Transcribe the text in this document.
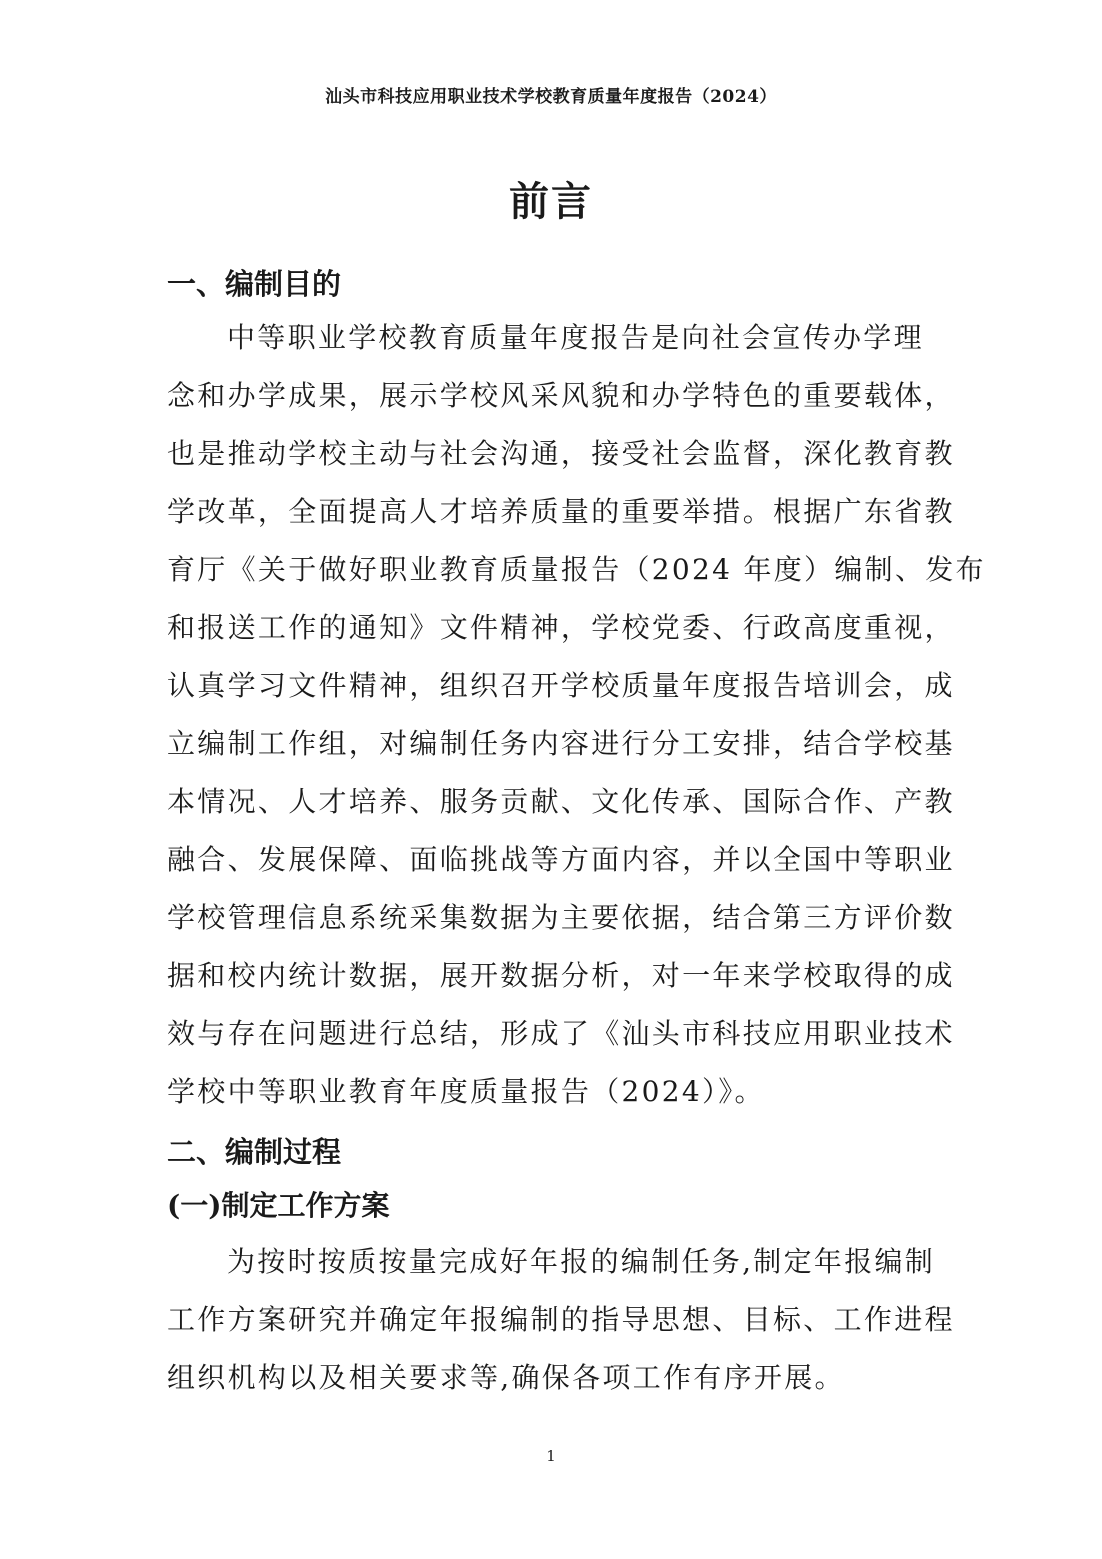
汕头市科技应用职业技术学校教育质量年度报告（2024）
前言
一、编制目的
中等职业学校教育质量年度报告是向社会宣传办学理
念和办学成果，展示学校风采风貌和办学特色的重要载体，
也是推动学校主动与社会沟通，接受社会监督，深化教育教
学改革，全面提高人才培养质量的重要举措。根据广东省教
育厅《关于做好职业教育质量报告（2024 年度）编制、发布
和报送工作的通知》文件精神，学校党委、行政高度重视，
认真学习文件精神，组织召开学校质量年度报告培训会，成
立编制工作组，对编制任务内容进行分工安排，结合学校基
本情况、人才培养、服务贡献、文化传承、国际合作、产教
融合、发展保障、面临挑战等方面内容，并以全国中等职业
学校管理信息系统采集数据为主要依据，结合第三方评价数
据和校内统计数据，展开数据分析，对一年来学校取得的成
效与存在问题进行总结，形成了《汕头市科技应用职业技术
学校中等职业教育年度质量报告（2024）》。
二、编制过程
(一)制定工作方案
为按时按质按量完成好年报的编制任务,制定年报编制
工作方案研究并确定年报编制的指导思想、目标、工作进程
组织机构以及相关要求等,确保各项工作有序开展。
1
